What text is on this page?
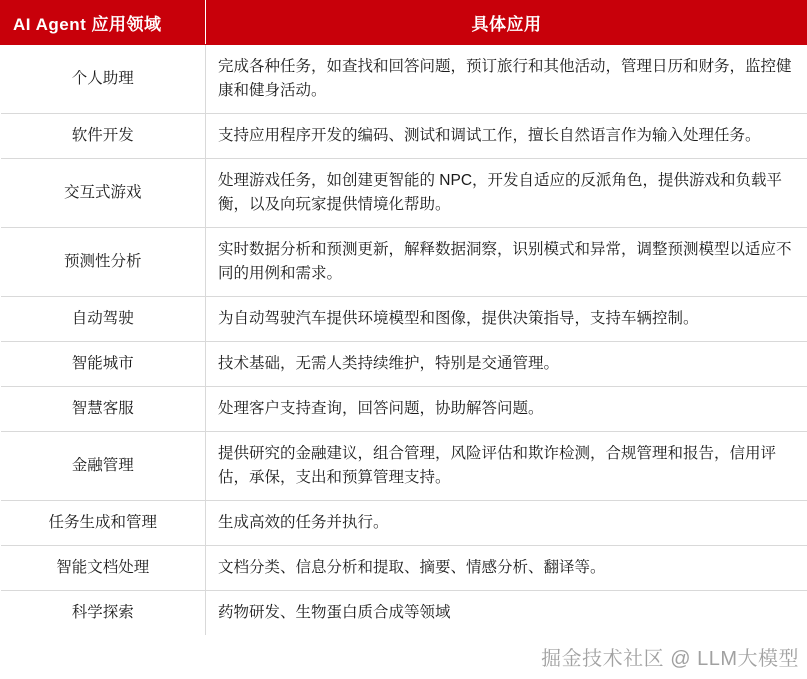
AI Agent 应用领域	具体应用
个人助理	完成各种任务，如查找和回答问题，预订旅行和其他活动，管理日历和财务，监控健康和健身活动。
软件开发	支持应用程序开发的编码、测试和调试工作，擅长自然语言作为输入处理任务。
交互式游戏	处理游戏任务，如创建更智能的 NPC，开发自适应的反派角色，提供游戏和负载平衡，以及向玩家提供情境化帮助。
预测性分析	实时数据分析和预测更新，解释数据洞察，识别模式和异常，调整预测模型以适应不同的用例和需求。
自动驾驶	为自动驾驶汽车提供环境模型和图像，提供决策指导，支持车辆控制。
智能城市	技术基础，无需人类持续维护，特别是交通管理。
智慧客服	处理客户支持查询，回答问题，协助解答问题。
金融管理	提供研究的金融建议，组合管理，风险评估和欺诈检测，合规管理和报告，信用评估，承保，支出和预算管理支持。
任务生成和管理	生成高效的任务并执行。
智能文档处理	文档分类、信息分析和提取、摘要、情感分析、翻译等。
科学探索	药物研发、生物蛋白质合成等领域
掘金技术社区 @ LLM大模型
